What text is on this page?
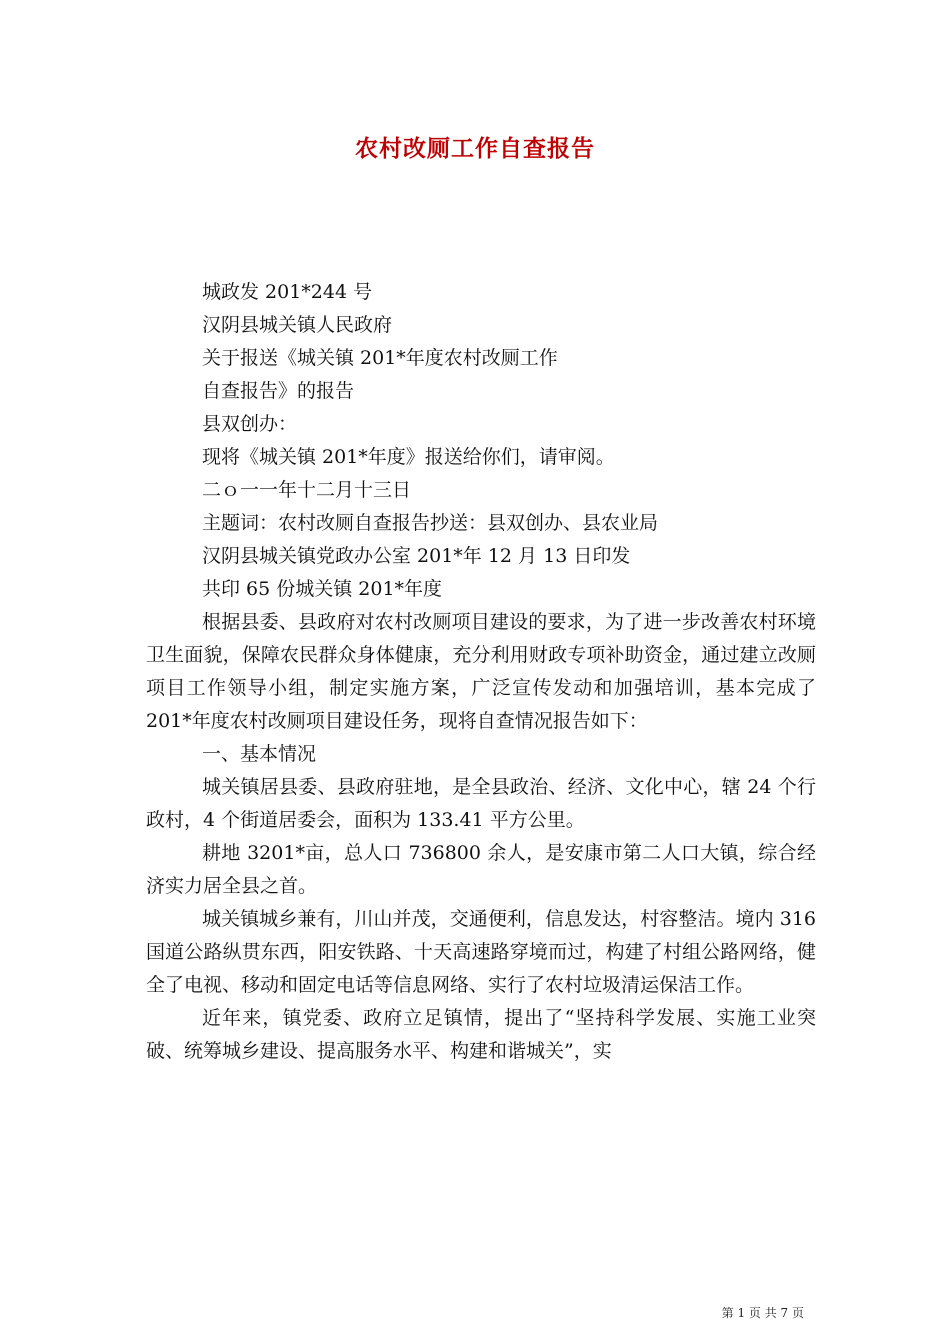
农村改厕工作自查报告

城政发 201*244 号

汉阴县城关镇人民政府

关于报送《城关镇 201*年度农村改厕工作

自查报告》的报告

县双创办：

现将《城关镇 201*年度》报送给你们，请审阅。

二ｏ一一年十二月十三日

主题词：农村改厕自查报告抄送：县双创办、县农业局

汉阴县城关镇党政办公室 201*年 12 月 13 日印发

共印 65 份城关镇 201*年度

根据县委、县政府对农村改厕项目建设的要求，为了进一步改善农村环境卫生面貌，保障农民群众身体健康，充分利用财政专项补助资金，通过建立改厕项目工作领导小组，制定实施方案，广泛宣传发动和加强培训，基本完成了 201*年度农村改厕项目建设任务，现将自查情况报告如下：

一、基本情况

城关镇居县委、县政府驻地，是全县政治、经济、文化中心，辖 24 个行政村，4 个街道居委会，面积为 133.41 平方公里。

耕地 3201*亩，总人口 736800 余人，是安康市第二人口大镇，综合经济实力居全县之首。

城关镇城乡兼有，川山并茂，交通便利，信息发达，村容整洁。境内 316 国道公路纵贯东西，阳安铁路、十天高速路穿境而过，构建了村组公路网络，健全了电视、移动和固定电话等信息网络、实行了农村垃圾清运保洁工作。

近年来，镇党委、政府立足镇情，提出了“坚持科学发展、实施工业突破、统筹城乡建设、提高服务水平、构建和谐城关”，实

第 1 页 共 7 页
